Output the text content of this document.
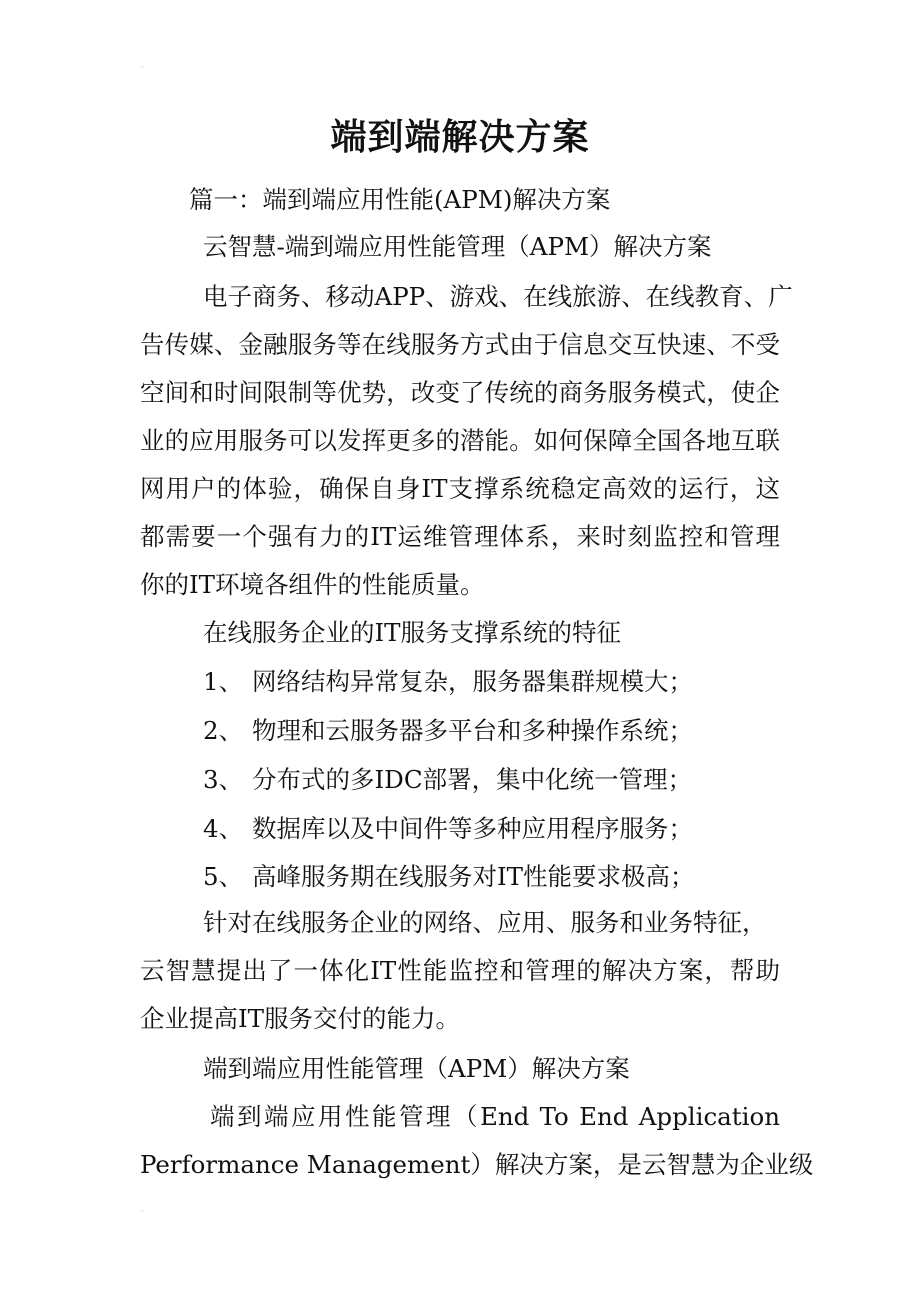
·
端到端解决方案
篇一：端到端应用性能(APM)解决方案
云智慧-端到端应用性能管理（APM）解决方案
电子商务、移动APP、游戏、在线旅游、在线教育、广
告传媒、金融服务等在线服务方式由于信息交互快速、不受
空间和时间限制等优势，改变了传统的商务服务模式，使企
业的应用服务可以发挥更多的潜能。如何保障全国各地互联
网用户的体验，确保自身IT支撑系统稳定高效的运行，这
都需要一个强有力的IT运维管理体系，来时刻监控和管理
你的IT环境各组件的性能质量。
在线服务企业的IT服务支撑系统的特征
1、 网络结构异常复杂，服务器集群规模大；
2、 物理和云服务器多平台和多种操作系统；
3、 分布式的多IDC部署，集中化统一管理；
4、 数据库以及中间件等多种应用程序服务；
5、 高峰服务期在线服务对IT性能要求极高；
针对在线服务企业的网络、应用、服务和业务特征，
云智慧提出了一体化IT性能监控和管理的解决方案，帮助
企业提高IT服务交付的能力。
端到端应用性能管理（APM）解决方案
端到端应用性能管理（End To End Application
Performance Management）解决方案，是云智慧为企业级
·
